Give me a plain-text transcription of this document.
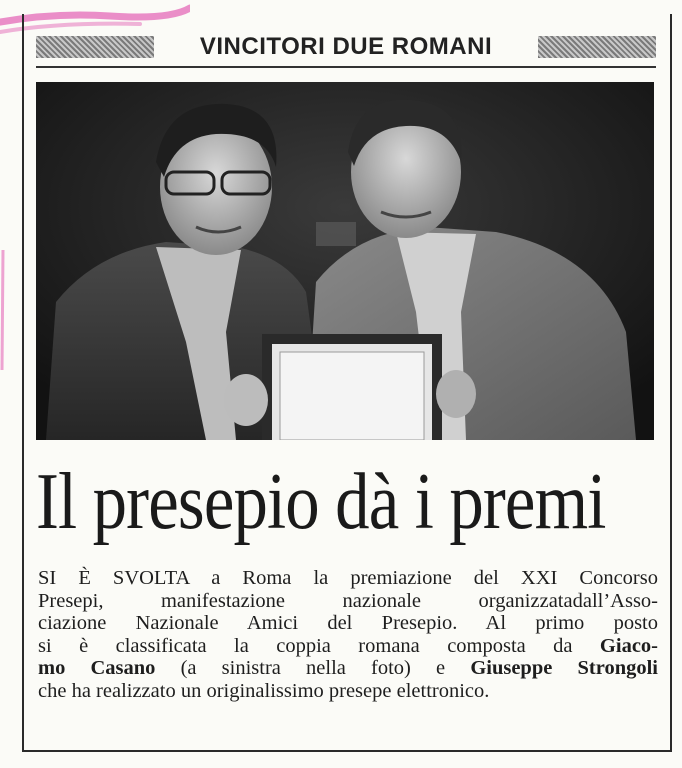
VINCITORI DUE ROMANI
Il presepio dà i premi

SI È SVOLTA a Roma la premiazione del XXI Concorso
Presepi, manifestazione nazionale organizzatadall’Asso-
ciazione Nazionale Amici del Presepio. Al primo posto
si è classificata la coppia romana composta da Giaco-
mo Casano (a sinistra nella foto) e Giuseppe Strongoli
che ha realizzato un originalissimo presepe elettronico.
